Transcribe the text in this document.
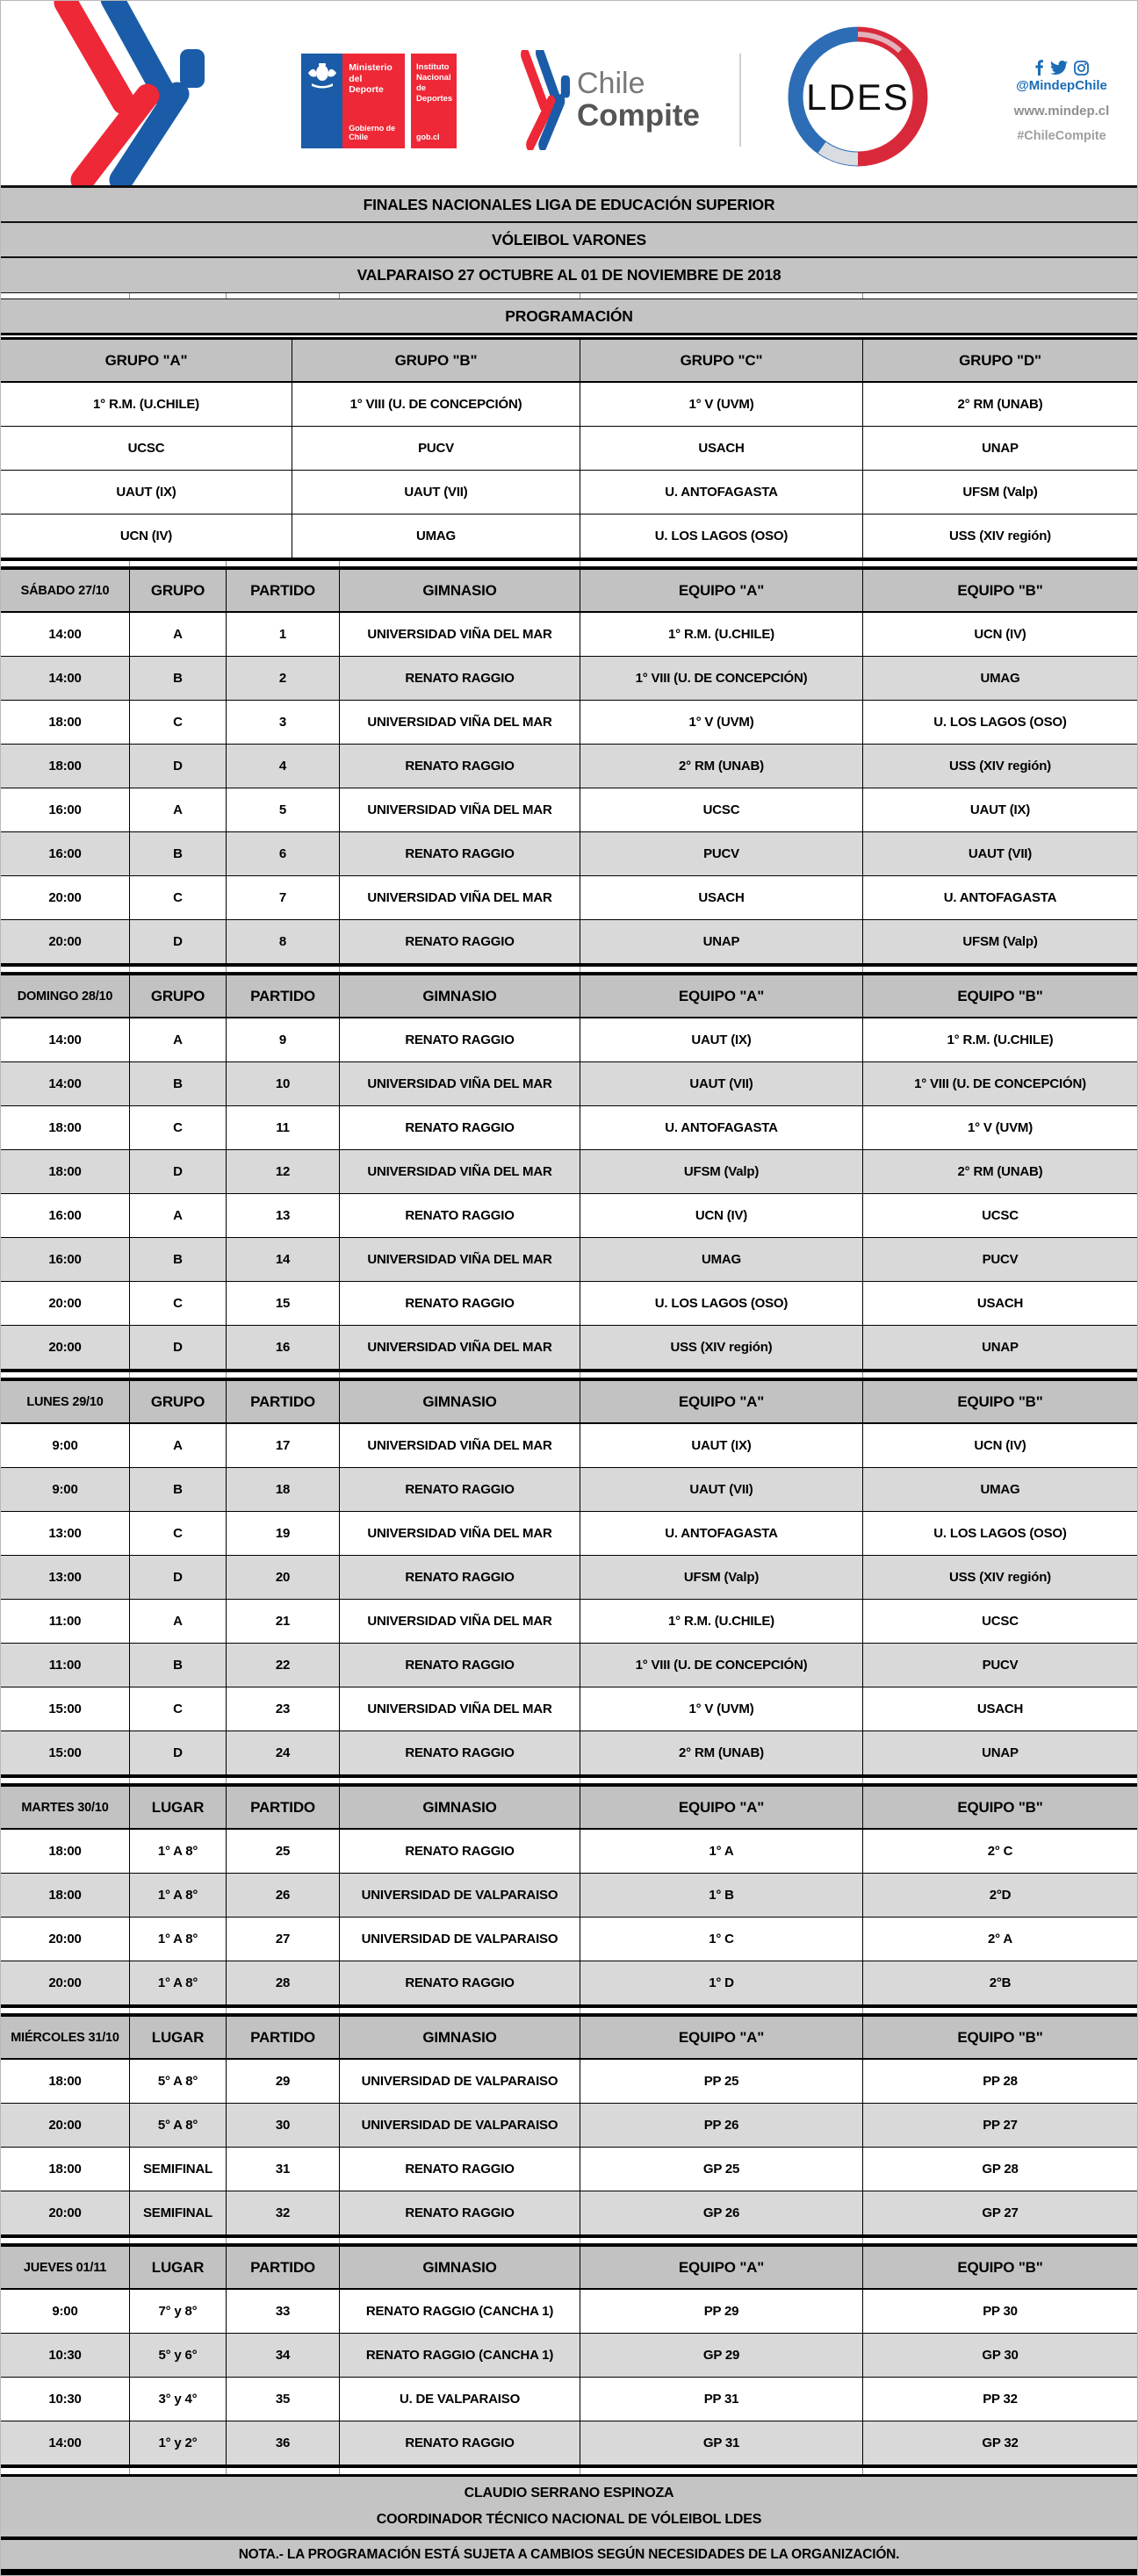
Ministerio del
Deporte
Gobierno de Chile
Instituto
Nacional de
Deportes
gob.cl
Chile
Compite	LDES	@MindepChile
www.mindep.cl
#ChileCompite
FINALES NACIONALES LIGA DE EDUCACIÓN SUPERIOR
VÓLEIBOL VARONES
VALPARAISO 27 OCTUBRE AL 01 DE NOVIEMBRE DE 2018
PROGRAMACIÓN
GRUPO "A"	GRUPO "B"	GRUPO "C"	GRUPO "D"
1° R.M. (U.CHILE)	1° VIII (U. DE CONCEPCIÓN)	1° V (UVM)	2° RM (UNAB)
UCSC	PUCV	USACH	UNAP
UAUT (IX)	UAUT (VII)	U. ANTOFAGASTA	UFSM (Valp)
UCN (IV)	UMAG	U. LOS LAGOS (OSO)	USS (XIV región)
SÁBADO 27/10	GRUPO	PARTIDO	GIMNASIO	EQUIPO "A"	EQUIPO "B"
14:00	A	1	UNIVERSIDAD VIÑA DEL MAR	1° R.M. (U.CHILE)	UCN (IV)
14:00	B	2	RENATO RAGGIO	1° VIII (U. DE CONCEPCIÓN)	UMAG
18:00	C	3	UNIVERSIDAD VIÑA DEL MAR	1° V (UVM)	U. LOS LAGOS (OSO)
18:00	D	4	RENATO RAGGIO	2° RM (UNAB)	USS (XIV región)
16:00	A	5	UNIVERSIDAD VIÑA DEL MAR	UCSC	UAUT (IX)
16:00	B	6	RENATO RAGGIO	PUCV	UAUT (VII)
20:00	C	7	UNIVERSIDAD VIÑA DEL MAR	USACH	U. ANTOFAGASTA
20:00	D	8	RENATO RAGGIO	UNAP	UFSM (Valp)
DOMINGO 28/10	GRUPO	PARTIDO	GIMNASIO	EQUIPO "A"	EQUIPO "B"
14:00	A	9	RENATO RAGGIO	UAUT (IX)	1° R.M. (U.CHILE)
14:00	B	10	UNIVERSIDAD VIÑA DEL MAR	UAUT (VII)	1° VIII (U. DE CONCEPCIÓN)
18:00	C	11	RENATO RAGGIO	U. ANTOFAGASTA	1° V (UVM)
18:00	D	12	UNIVERSIDAD VIÑA DEL MAR	UFSM (Valp)	2° RM (UNAB)
16:00	A	13	RENATO RAGGIO	UCN (IV)	UCSC
16:00	B	14	UNIVERSIDAD VIÑA DEL MAR	UMAG	PUCV
20:00	C	15	RENATO RAGGIO	U. LOS LAGOS (OSO)	USACH
20:00	D	16	UNIVERSIDAD VIÑA DEL MAR	USS (XIV región)	UNAP
LUNES 29/10	GRUPO	PARTIDO	GIMNASIO	EQUIPO "A"	EQUIPO "B"
9:00	A	17	UNIVERSIDAD VIÑA DEL MAR	UAUT (IX)	UCN (IV)
9:00	B	18	RENATO RAGGIO	UAUT (VII)	UMAG
13:00	C	19	UNIVERSIDAD VIÑA DEL MAR	U. ANTOFAGASTA	U. LOS LAGOS (OSO)
13:00	D	20	RENATO RAGGIO	UFSM (Valp)	USS (XIV región)
11:00	A	21	UNIVERSIDAD VIÑA DEL MAR	1° R.M. (U.CHILE)	UCSC
11:00	B	22	RENATO RAGGIO	1° VIII (U. DE CONCEPCIÓN)	PUCV
15:00	C	23	UNIVERSIDAD VIÑA DEL MAR	1° V (UVM)	USACH
15:00	D	24	RENATO RAGGIO	2° RM (UNAB)	UNAP
MARTES 30/10	LUGAR	PARTIDO	GIMNASIO	EQUIPO "A"	EQUIPO "B"
18:00	1° A 8°	25	RENATO RAGGIO	1° A	2° C
18:00	1° A 8°	26	UNIVERSIDAD DE VALPARAISO	1° B	2°D
20:00	1° A 8°	27	UNIVERSIDAD DE VALPARAISO	1° C	2° A
20:00	1° A 8°	28	RENATO RAGGIO	1° D	2°B
MIÉRCOLES 31/10	LUGAR	PARTIDO	GIMNASIO	EQUIPO "A"	EQUIPO "B"
18:00	5° A 8°	29	UNIVERSIDAD DE VALPARAISO	PP 25	PP 28
20:00	5° A 8°	30	UNIVERSIDAD DE VALPARAISO	PP 26	PP 27
18:00	SEMIFINAL	31	RENATO RAGGIO	GP 25	GP 28
20:00	SEMIFINAL	32	RENATO RAGGIO	GP 26	GP 27
JUEVES 01/11	LUGAR	PARTIDO	GIMNASIO	EQUIPO "A"	EQUIPO "B"
9:00	7° y 8°	33	RENATO RAGGIO (CANCHA 1)	PP 29	PP 30
10:30	5° y 6°	34	RENATO RAGGIO (CANCHA 1)	GP 29	GP 30
10:30	3° y 4°	35	U. DE VALPARAISO	PP 31	PP 32
14:00	1° y 2°	36	RENATO RAGGIO	GP 31	GP 32
CLAUDIO SERRANO ESPINOZA
COORDINADOR TÉCNICO NACIONAL DE VÓLEIBOL LDES
NOTA.- LA PROGRAMACIÓN ESTÁ SUJETA A CAMBIOS SEGÚN NECESIDADES DE LA ORGANIZACIÓN.
